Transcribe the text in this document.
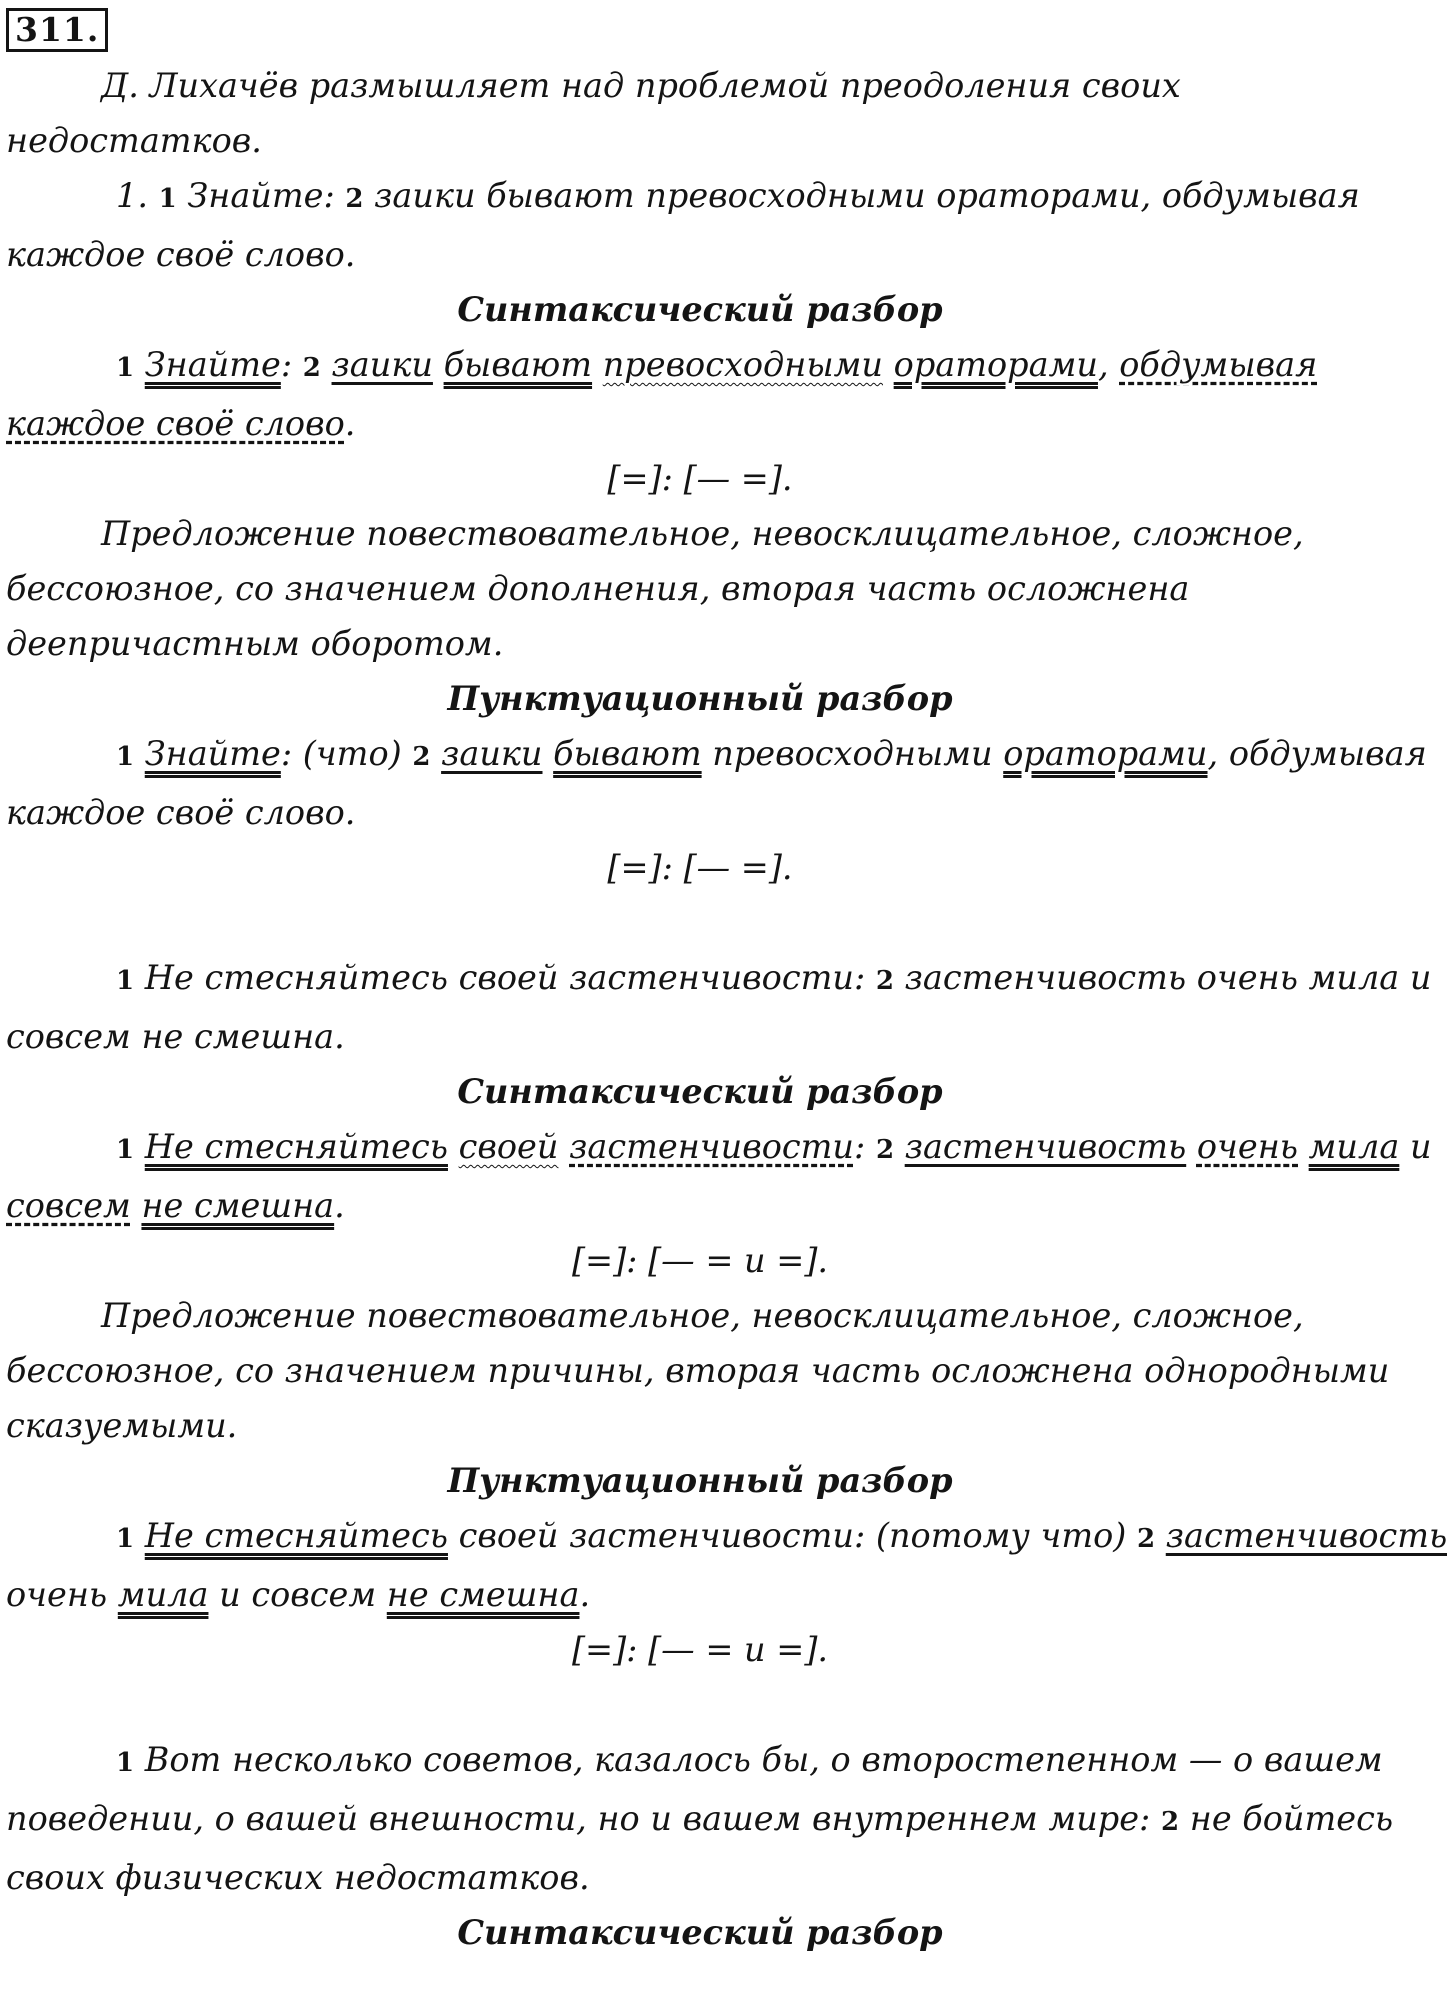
311.

Д. Лихачёв размышляет над проблемой преодоления своих

недостатков.

1. 1 Знайте: 2 заики бывают превосходными ораторами, обдумывая

каждое своё слово.

Синтаксический разбор

1 Знайте: 2 заики бывают превосходными ораторами, обдумывая

каждое своё слово.

[=]: [— =].

Предложение повествовательное, невосклицательное, сложное,

бессоюзное, со значением дополнения, вторая часть осложнена

деепричастным оборотом.

Пунктуационный разбор

1 Знайте: (что) 2 заики бывают превосходными ораторами, обдумывая

каждое своё слово.

[=]: [— =].

1 Не стесняйтесь своей застенчивости: 2 застенчивость очень мила и

совсем не смешна.

Синтаксический разбор

1 Не стесняйтесь своей застенчивости: 2 застенчивость очень мила и

совсем не смешна.

[=]: [— = и =].

Предложение повествовательное, невосклицательное, сложное,

бессоюзное, со значением причины, вторая часть осложнена однородными

сказуемыми.

Пунктуационный разбор

1 Не стесняйтесь своей застенчивости: (потому что) 2 застенчивость

очень мила и совсем не смешна.

[=]: [— = и =].

1 Вот несколько советов, казалось бы, о второстепенном — о вашем

поведении, о вашей внешности, но и вашем внутреннем мире: 2 не бойтесь

своих физических недостатков.

Синтаксический разбор
